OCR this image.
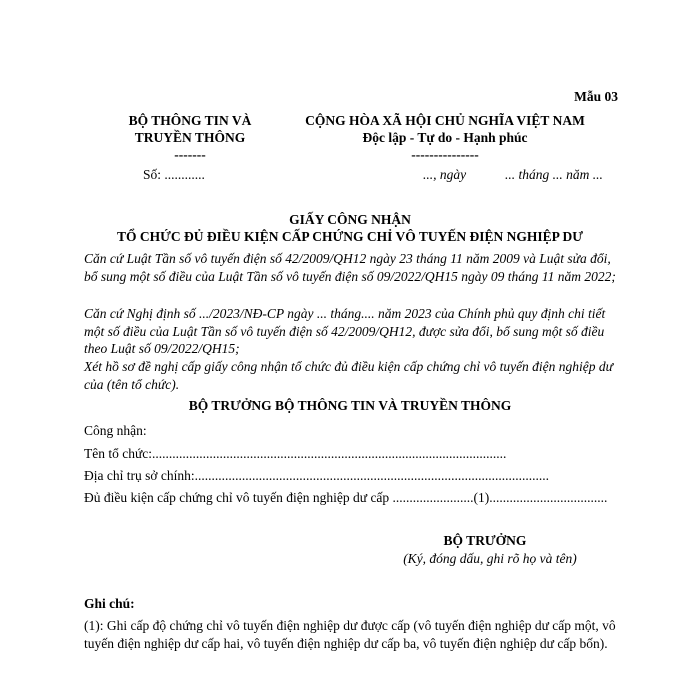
Mẫu 03
BỘ THÔNG TIN VÀ
TRUYỀN THÔNG
-------
CỘNG HÒA XÃ HỘI CHỦ NGHĨA VIỆT NAM
Độc lập - Tự do - Hạnh phúc
---------------
Số: ............	..., ngày	... tháng ... năm ...
GIẤY CÔNG NHẬN
TỔ CHỨC ĐỦ ĐIỀU KIỆN CẤP CHỨNG CHỈ VÔ TUYẾN ĐIỆN NGHIỆP DƯ
Căn cứ Luật Tần số vô tuyến điện số 42/2009/QH12 ngày 23 tháng 11 năm 2009 và Luật sửa đổi, bổ sung một số điều của Luật Tần số vô tuyến điện số 09/2022/QH15 ngày 09 tháng 11 năm 2022;
Căn cứ Nghị định số .../2023/NĐ-CP ngày ... tháng.... năm 2023 của Chính phủ quy định chi tiết một số điều của Luật Tần số vô tuyến điện số 42/2009/QH12, được sửa đổi, bổ sung một số điều theo Luật số 09/2022/QH15;
Xét hồ sơ đề nghị cấp giấy công nhận tổ chức đủ điều kiện cấp chứng chỉ vô tuyến điện nghiệp dư của (tên tổ chức).
BỘ TRƯỞNG BỘ THÔNG TIN VÀ TRUYỀN THÔNG
Công nhận:
Tên tổ chức:.........................................................................................................
Địa chỉ trụ sở chính:.........................................................................................................
Đủ điều kiện cấp chứng chỉ vô tuyến điện nghiệp dư cấp ........................(1)...................................
BỘ TRƯỞNG
(Ký, đóng dấu, ghi rõ họ và tên)
Ghi chú:
(1): Ghi cấp độ chứng chỉ vô tuyến điện nghiệp dư được cấp (vô tuyến điện nghiệp dư cấp một, vô tuyến điện nghiệp dư cấp hai, vô tuyến điện nghiệp dư cấp ba, vô tuyến điện nghiệp dư cấp bốn).
